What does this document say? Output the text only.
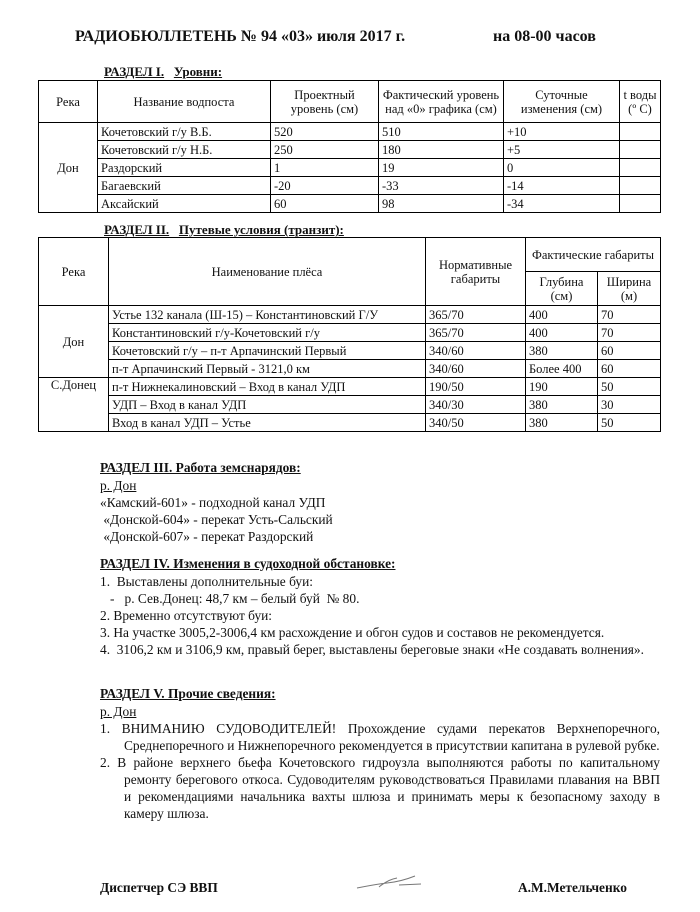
РАДИОБЮЛЛЕТЕНЬ № 94 «03» июля 2017 г.	на 08-00 часов
РАЗДЕЛ I. Уровни:
Река	Название водпоста	Проектный уровень (см)	Фактический уровень над «0» графика (см)	Суточные изменения (см)	t воды (º С)
Дон	Кочетовский г/у В.Б.	520	510	+10	
	Кочетовский г/у Н.Б.	250	180	+5	
	Раздорский	1	19	0	
	Багаевский	-20	-33	-14	
	Аксайский	60	98	-34	
РАЗДЕЛ II. Путевые условия (транзит):
Река	Наименование плёса	Нормативные габариты	Фактические габариты	
			Глубина (см)	Ширина (м)
Дон	Устье 132 канала (Ш-15) – Константиновский Г/У	365/70	400	70
	Константиновский г/у-Кочетовский г/у	365/70	400	70
	Кочетовский г/у – п-т Арпачинский Первый	340/60	380	60
	п-т Арпачинский Первый - 3121,0 км	340/60	Более 400	60
С.Донец	п-т Нижнекалиновский – Вход в канал УДП	190/50	190	50
	УДП – Вход в канал УДП	340/30	380	30
	Вход в канал УДП – Устье	340/50	380	50
РАЗДЕЛ III. Работа земснарядов:
р. Дон
«Камский-601» - подходной канал УДП
«Донской-604» - перекат Усть-Сальский
«Донской-607» - перекат Раздорский
РАЗДЕЛ IV. Изменения в судоходной обстановке:
1.  Выставлены дополнительные буи:
-   р. Сев.Донец: 48,7 км – белый буй  № 80.
2. Временно отсутствуют буи:
3. На участке 3005,2-3006,4 км расхождение и обгон судов и составов не рекомендуется.
4.  3106,2 км и 3106,9 км, правый берег, выставлены береговые знаки «Не создавать волнения».
РАЗДЕЛ V. Прочие сведения:
р. Дон
1. ВНИМАНИЮ СУДОВОДИТЕЛЕЙ! Прохождение судами перекатов Верхнепоречного, Среднепоречного и Нижнепоречного рекомендуется в присутствии капитана в рулевой рубке.
2. В районе верхнего бьефа Кочетовского гидроузла выполняются работы по капитальному ремонту берегового откоса. Судоводителям руководствоваться Правилами плавания на ВВП и рекомендациями начальника вахты шлюза и принимать меры к безопасному заходу в камеру шлюза.
Диспетчер СЭ ВВП	А.М.Метельченко
